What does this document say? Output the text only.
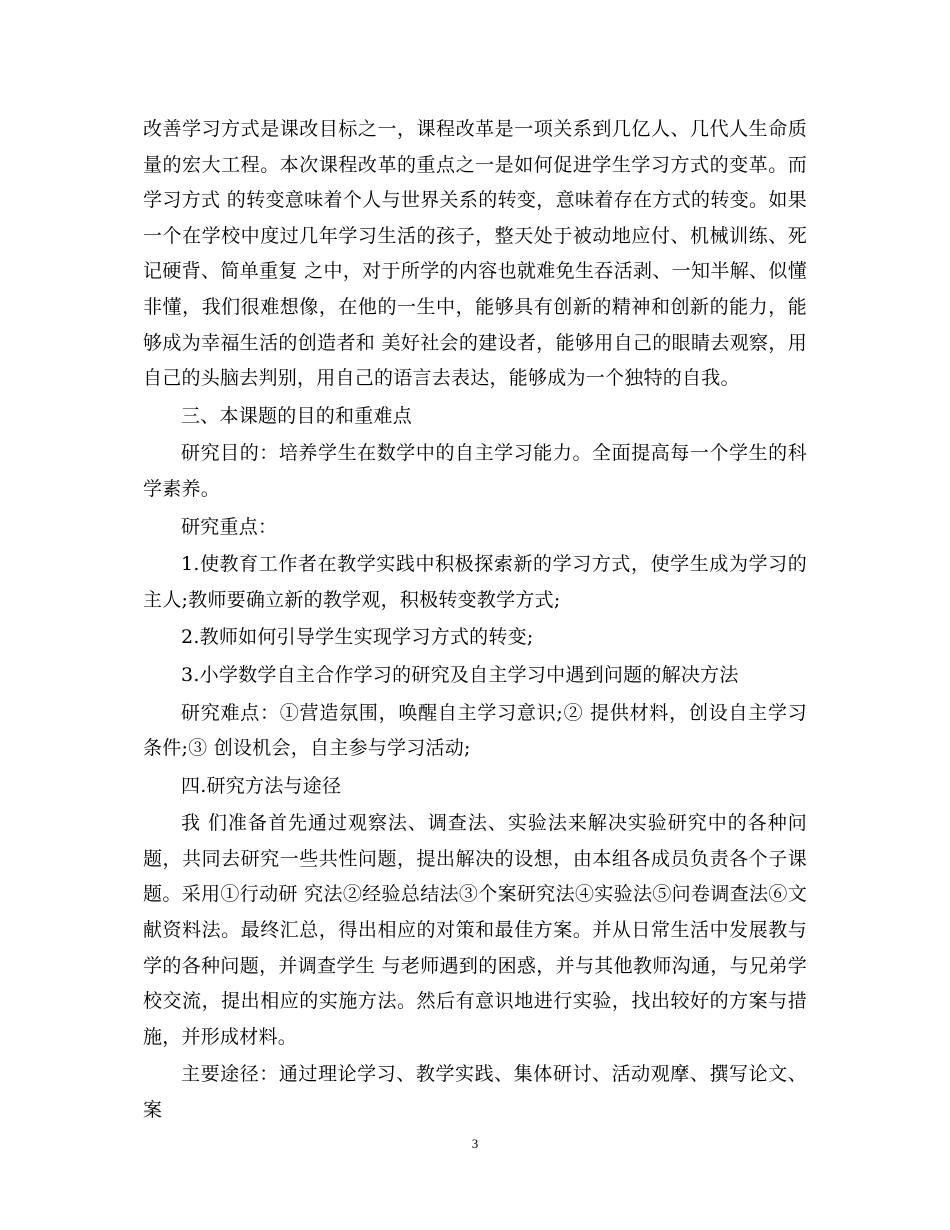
改善学习方式是课改目标之一，课程改革是一项关系到几亿人、几代人生命质量的宏大工程。本次课程改革的重点之一是如何促进学生学习方式的变革。而学习方式 的转变意味着个人与世界关系的转变，意味着存在方式的转变。如果一个在学校中度过几年学习生活的孩子，整天处于被动地应付、机械训练、死记硬背、简单重复 之中，对于所学的内容也就难免生吞活剥、一知半解、似懂非懂，我们很难想像，在他的一生中，能够具有创新的精神和创新的能力，能够成为幸福生活的创造者和 美好社会的建设者，能够用自己的眼睛去观察，用自己的头脑去判别，用自己的语言去表达，能够成为一个独特的自我。

三、本课题的目的和重难点

研究目的：培养学生在数学中的自主学习能力。全面提高每一个学生的科学素养。

研究重点：

1.使教育工作者在教学实践中积极探索新的学习方式，使学生成为学习的主人;教师要确立新的教学观，积极转变教学方式;

2.教师如何引导学生实现学习方式的转变;

3.小学数学自主合作学习的研究及自主学习中遇到问题的解决方法

研究难点：①营造氛围，唤醒自主学习意识;② 提供材料，创设自主学习条件;③ 创设机会，自主参与学习活动;

四.研究方法与途径

我 们准备首先通过观察法、调查法、实验法来解决实验研究中的各种问题，共同去研究一些共性问题，提出解决的设想，由本组各成员负责各个子课题。采用①行动研 究法②经验总结法③个案研究法④实验法⑤问卷调查法⑥文献资料法。最终汇总，得出相应的对策和最佳方案。并从日常生活中发展教与学的各种问题，并调查学生 与老师遇到的困惑，并与其他教师沟通，与兄弟学校交流，提出相应的实施方法。然后有意识地进行实验，找出较好的方案与措施，并形成材料。

主要途径：通过理论学习、教学实践、集体研讨、活动观摩、撰写论文、案

3
